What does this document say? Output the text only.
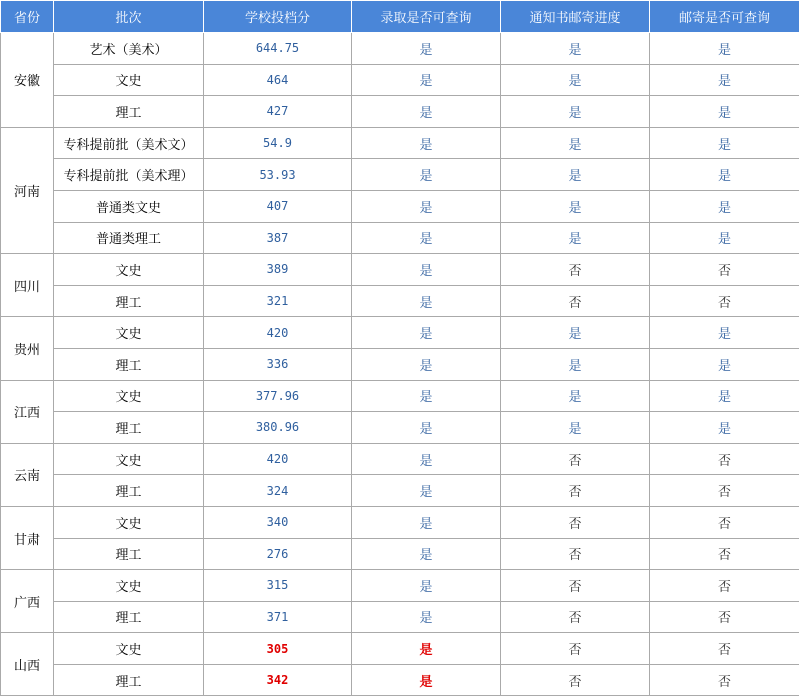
省份	批次	学校投档分	录取是否可查询	通知书邮寄进度	邮寄是否可查询
安徽	艺术（美术）	644.75	是	是	是
	文史	464	是	是	是
	理工	427	是	是	是
河南	专科提前批（美术文）	54.9	是	是	是
	专科提前批（美术理）	53.93	是	是	是
	普通类文史	407	是	是	是
	普通类理工	387	是	是	是
四川	文史	389	是	否	否
	理工	321	是	否	否
贵州	文史	420	是	是	是
	理工	336	是	是	是
江西	文史	377.96	是	是	是
	理工	380.96	是	是	是
云南	文史	420	是	否	否
	理工	324	是	否	否
甘肃	文史	340	是	否	否
	理工	276	是	否	否
广西	文史	315	是	否	否
	理工	371	是	否	否
山西	文史	305	是	否	否
	理工	342	是	否	否
